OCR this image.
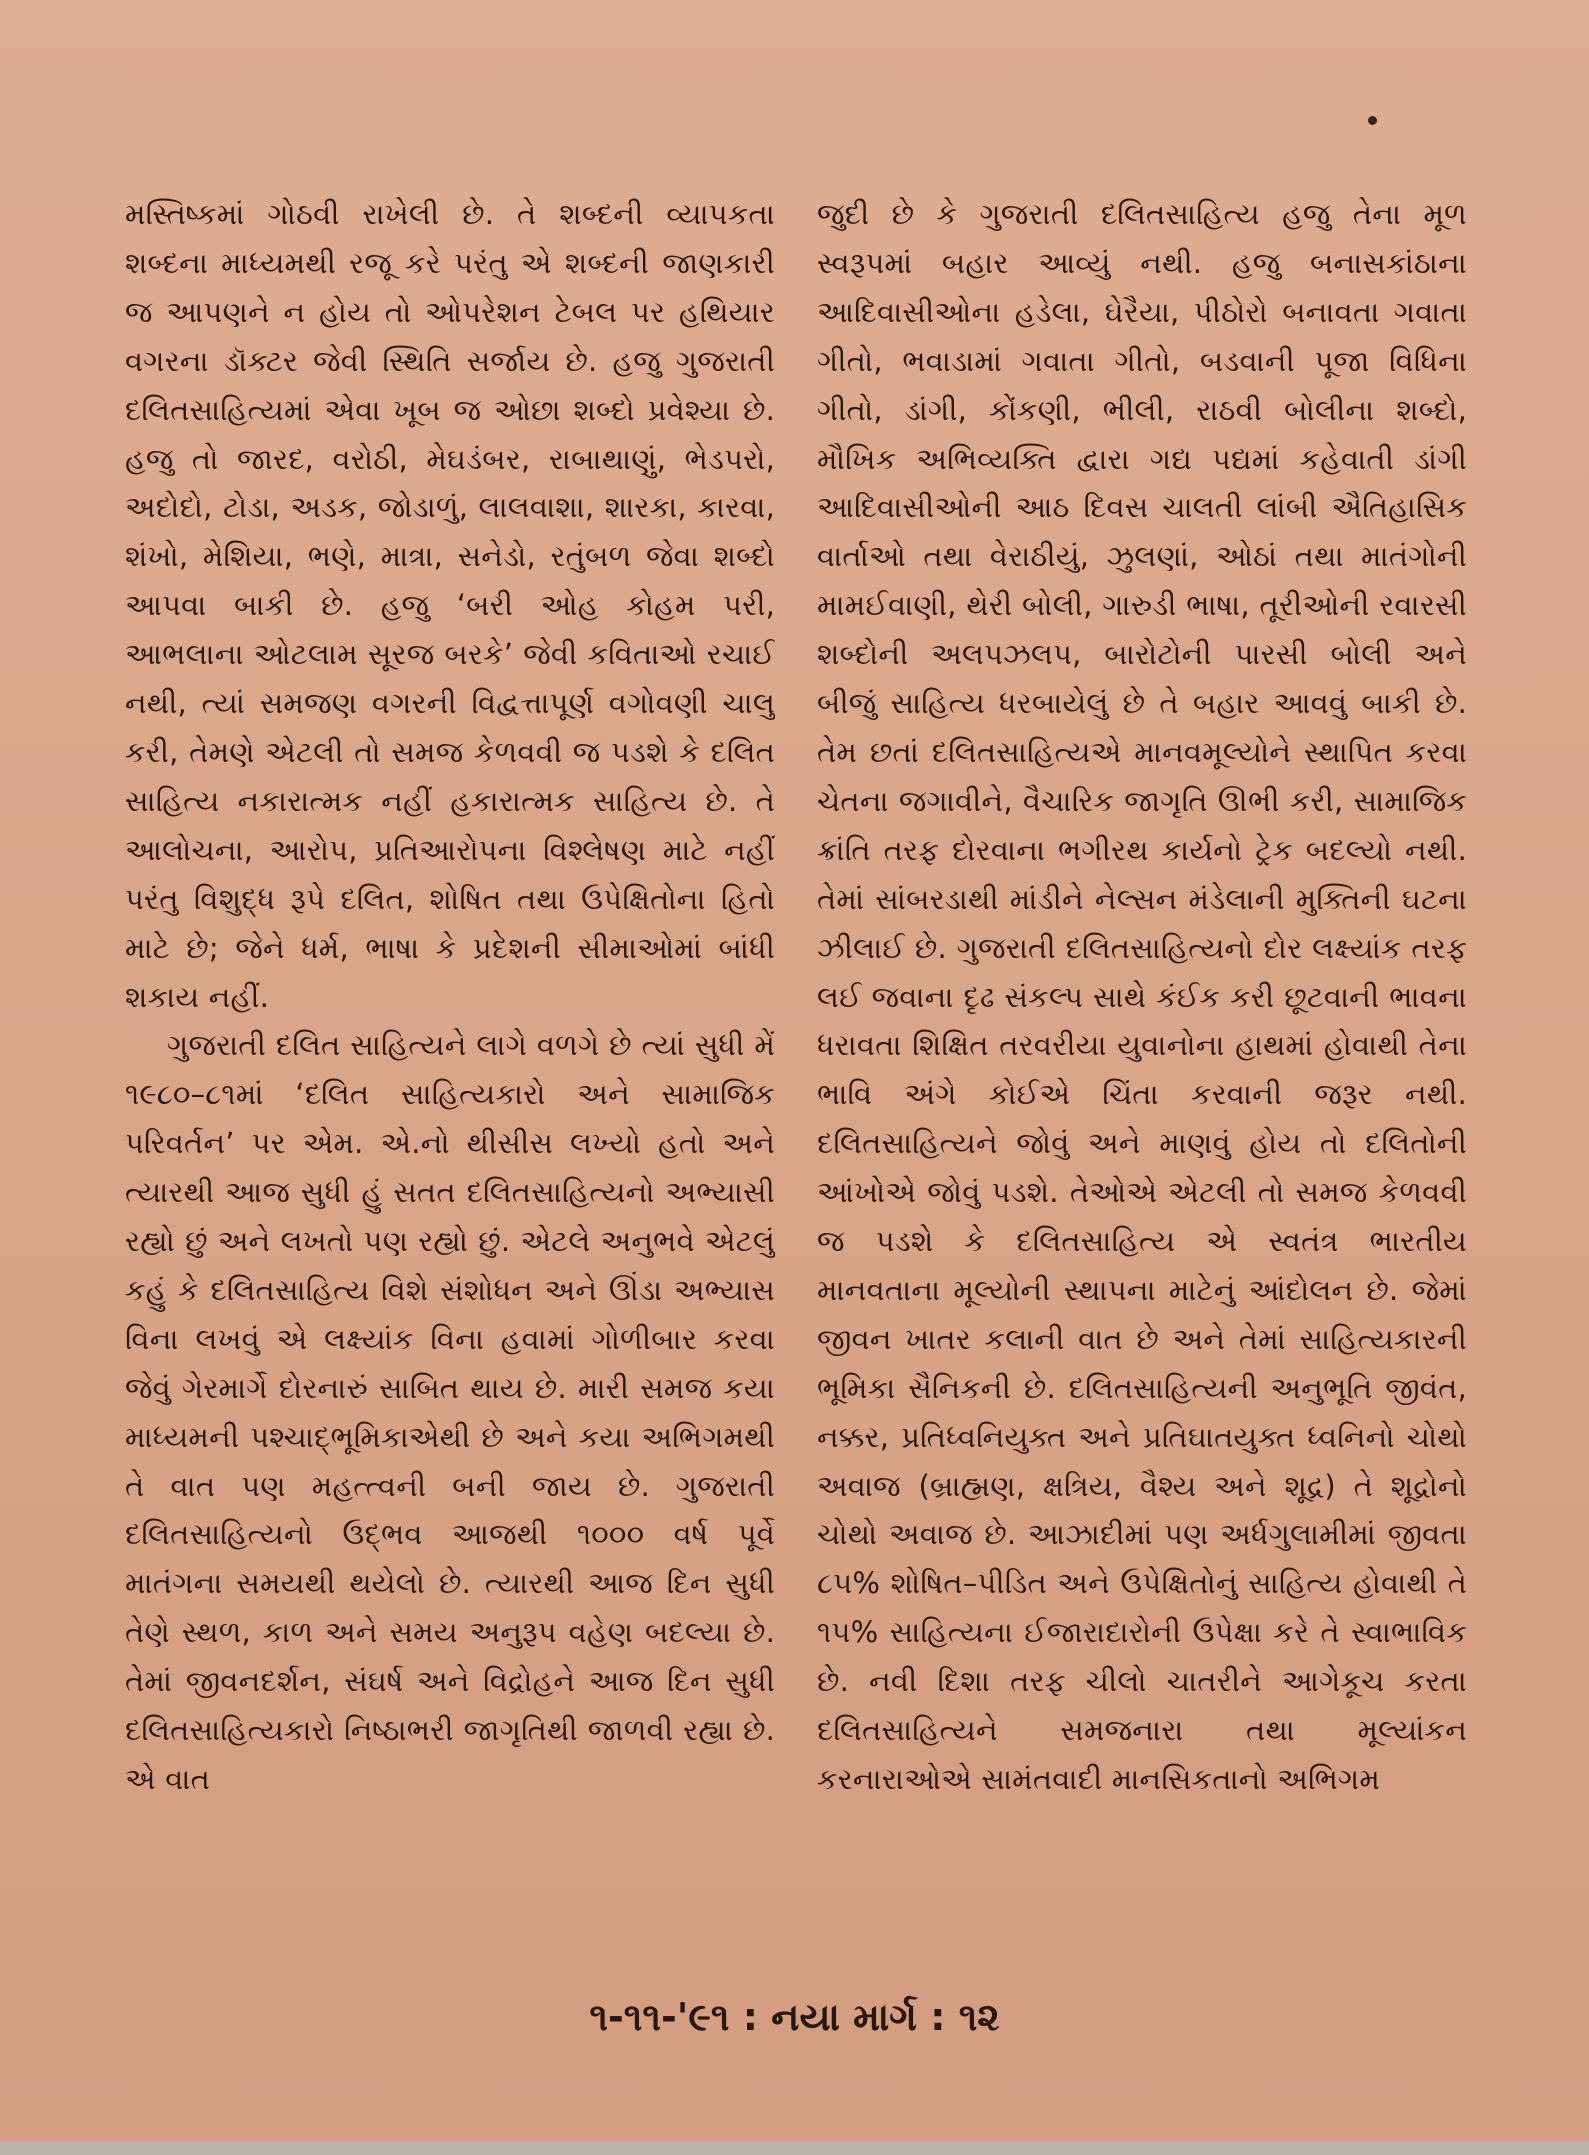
મસ્તિષ્કમાં ગોઠવી રાખેલી છે. તે શબ્દની વ્યાપકતા શબ્દના માધ્યમથી રજૂ કરે પરંતુ એ શબ્દની જાણકારી જ આપણને ન હોય તો ઓપરેશન ટેબલ પર હથિયાર વગરના ડૉક્ટર જેવી સ્થિતિ સર્જાય છે. હજુ ગુજરાતી દલિતસાહિત્યમાં એવા ખૂબ જ ઓછા શબ્દો પ્રવેશ્યા છે. હજુ તો જારદ, વરોઠી, મેઘડંબર, રાબાથાણું, ભેડપરો, અદોદો, ટોડા, અડક, જોડાળું, લાલવાશા, શારકા, કારવા, શંખો, મેશિયા, ભણે, માત્રા, સનેડો, રતુંબળ જેવા શબ્દો આપવા બાકી છે. હજુ ‘બરી ઓહ કોહમ પરી, આભલાના ઓટલામ સૂરજ બરકે’ જેવી કવિતાઓ રચાઈ નથી, ત્યાં સમજણ વગરની વિદ્વત્તાપૂર્ણ વગોવણી ચાલુ કરી, તેમણે એટલી તો સમજ કેળવવી જ પડશે કે દલિત સાહિત્ય નકારાત્મક નહીં હકારાત્મક સાહિત્ય છે. તે આલોચના, આરોપ, પ્રતિઆરોપના વિશ્લેષણ માટે નહીં પરંતુ વિશુદ્ધ રૂપે દલિત, શોષિત તથા ઉપેક્ષિતોના હિતો માટે છે; જેને ધર્મ, ભાષા કે પ્રદેશની સીમાઓમાં બાંધી શકાય નહીં.

ગુજરાતી દલિત સાહિત્યને લાગે વળગે છે ત્યાં સુધી મેં ૧૯૮૦–૮૧માં ‘દલિત સાહિત્યકારો અને સામાજિક પરિવર્તન’ પર એમ. એ.નો થીસીસ લખ્યો હતો અને ત્યારથી આજ સુધી હું સતત દલિતસાહિત્યનો અભ્યાસી રહ્યો છું અને લખતો પણ રહ્યો છું. એટલે અનુભવે એટલું કહું કે દલિતસાહિત્ય વિશે સંશોધન અને ઊંડા અભ્યાસ વિના લખવું એ લક્ષ્યાંક વિના હવામાં ગોળીબાર કરવા જેવું ગેરમાર્ગે દોરનારું સાબિત થાય છે. મારી સમજ કયા માધ્યમની પશ્ચાદ્ભૂમિકાએથી છે અને કયા અભિગમથી તે વાત પણ મહત્ત્વની બની જાય છે. ગુજરાતી દલિતસાહિત્યનો ઉદ્ભવ આજથી ૧૦૦૦ વર્ષ પૂર્વે માતંગના સમયથી થયેલો છે. ત્યારથી આજ દિન સુધી તેણે સ્થળ, કાળ અને સમય અનુરૂપ વહેણ બદલ્યા છે. તેમાં જીવનદર્શન, સંઘર્ષ અને વિદ્રોહને આજ દિન સુધી દલિતસાહિત્યકારો નિષ્ઠાભરી જાગૃતિથી જાળવી રહ્યા છે. એ વાત

જુદી છે કે ગુજરાતી દલિતસાહિત્ય હજુ તેના મૂળ સ્વરૂપમાં બહાર આવ્યું નથી. હજુ બનાસકાંઠાના આદિવાસીઓના હડેલા, ઘેરૈયા, પીઠોરો બનાવતા ગવાતા ગીતો, ભવાડામાં ગવાતા ગીતો, બડવાની પૂજા વિધિના ગીતો, ડાંગી, કોંકણી, ભીલી, રાઠવી બોલીના શબ્દો, મૌખિક અભિવ્યક્તિ દ્વારા ગદ્ય પદ્યમાં કહેવાતી ડાંગી આદિવાસીઓની આઠ દિવસ ચાલતી લાંબી ઐતિહાસિક વાર્તાઓ તથા વેરાઠીયું, ઝુલણાં, ઓઠાં તથા માતંગોની મામઈવાણી, થેરી બોલી, ગારુડી ભાષા, તૂરીઓની રવારસી શબ્દોની અલપઝલપ, બારોટોની પારસી બોલી અને બીજું સાહિત્ય ધરબાયેલું છે તે બહાર આવવું બાકી છે. તેમ છતાં દલિતસાહિત્યએ માનવમૂલ્યોને સ્થાપિત કરવા ચેતના જગાવીને, વૈચારિક જાગૃતિ ઊભી કરી, સામાજિક ક્રાંતિ તરફ દોરવાના ભગીરથ કાર્યનો ટ્રેક બદલ્યો નથી. તેમાં સાંબરડાથી માંડીને નેલ્સન મંડેલાની મુક્તિની ઘટના ઝીલાઈ છે. ગુજરાતી દલિતસાહિત્યનો દોર લક્ષ્યાંક તરફ લઈ જવાના દૃઢ સંકલ્પ સાથે કંઈક કરી છૂટવાની ભાવના ધરાવતા શિક્ષિત તરવરીયા યુવાનોના હાથમાં હોવાથી તેના ભાવિ અંગે કોઈએ ચિંતા કરવાની જરૂર નથી. દલિતસાહિત્યને જોવું અને માણવું હોય તો દલિતોની આંખોએ જોવું પડશે. તેઓએ એટલી તો સમજ કેળવવી જ પડશે કે દલિતસાહિત્ય એ સ્વતંત્ર ભારતીય માનવતાના મૂલ્યોની સ્થાપના માટેનું આંદોલન છે. જેમાં જીવન ખાતર કલાની વાત છે અને તેમાં સાહિત્યકારની ભૂમિકા સૈનિકની છે. દલિતસાહિત્યની અનુભૂતિ જીવંત, નક્કર, પ્રતિધ્વનિયુક્ત અને પ્રતિઘાતયુક્ત ધ્વનિનો ચોથો અવાજ (બ્રાહ્મણ, ક્ષત્રિય, વૈશ્ય અને શૂદ્ર) તે શૂદ્રોનો ચોથો અવાજ છે. આઝાદીમાં પણ અર્ધગુલામીમાં જીવતા ૮૫% શોષિત–પીડિત અને ઉપેક્ષિતોનું સાહિત્ય હોવાથી તે ૧૫% સાહિત્યના ઈજારાદારોની ઉપેક્ષા કરે તે સ્વાભાવિક છે. નવી દિશા તરફ ચીલો ચાતરીને આગેકૂચ કરતા દલિતસાહિત્યને સમજનારા તથા મૂલ્યાંકન કરનારાઓએ સામંતવાદી માનસિકતાનો અભિગમ

૧-૧૧-'૯૧ : નયા માર્ગ : ૧૨
